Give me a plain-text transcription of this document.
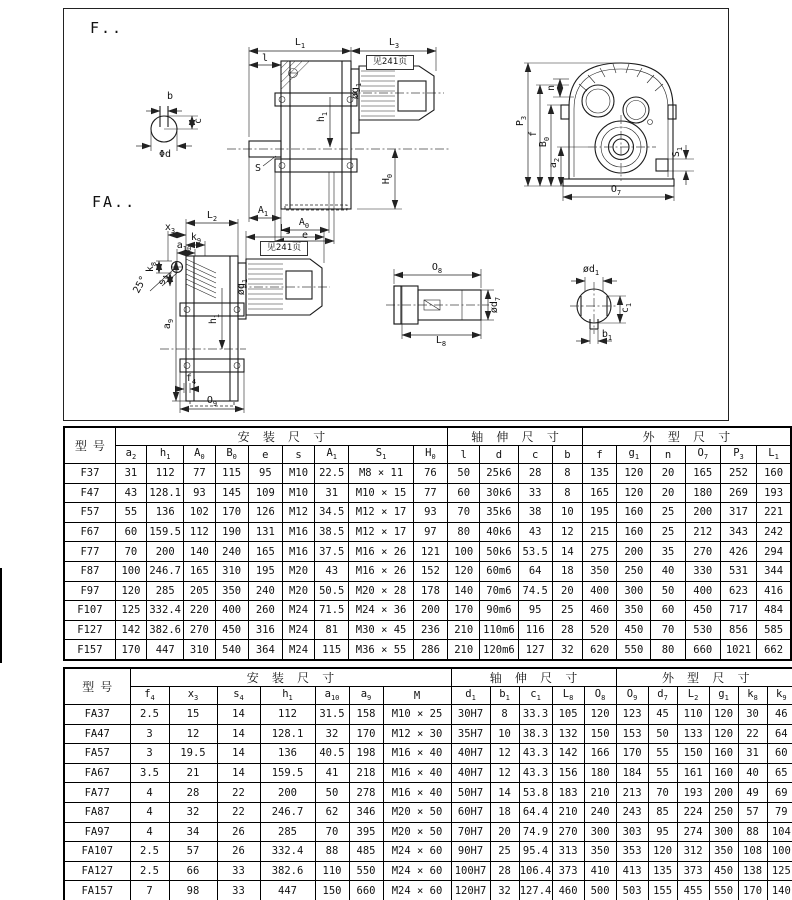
F..
FA..
b
c
Φd
$L_1$	$L_3$
见241页
l
$h_1$
$øg_1$
S
$H_0$
$A_1$
$A_0$
e
n
$P_3$
f
$B_0$
$a_2$
$S_1$
$O_7$
$L_2$
$x_3$
$k_9$
$a_{10}$
$k_8$
$s_4$
25°
$a_9$	$h_1$
$øg_1$
$L_3$
见241页
$f_4$
$O_9$
$O_8$
$ød_7$
$L_8$
$ød_1$
$c_1$
$b_1$
型号	安装尺寸									轴伸尺寸				外型尺寸					
	$a_2$	$h_1$	$A_0$	$B_0$	e	s	$A_1$	$S_1$	$H_0$	l	d	c	b	f	$g_1$	n	$O_7$	$P_3$	$L_1$
F37	31	112	77	115	95	M10	22.5	M8 × 11	76	50	25k6	28	8	135	120	20	165	252	160
F47	43	128.1	93	145	109	M10	31	M10 × 15	77	60	30k6	33	8	165	120	20	180	269	193
F57	55	136	102	170	126	M12	34.5	M12 × 17	93	70	35k6	38	10	195	160	25	200	317	221
F67	60	159.5	112	190	131	M16	38.5	M12 × 17	97	80	40k6	43	12	215	160	25	212	343	242
F77	70	200	140	240	165	M16	37.5	M16 × 26	121	100	50k6	53.5	14	275	200	35	270	426	294
F87	100	246.7	165	310	195	M20	43	M16 × 26	152	120	60m6	64	18	350	250	40	330	531	344
F97	120	285	205	350	240	M20	50.5	M20 × 28	178	140	70m6	74.5	20	400	300	50	400	623	416
F107	125	332.4	220	400	260	M24	71.5	M24 × 36	200	170	90m6	95	25	460	350	60	450	717	484
F127	142	382.6	270	450	316	M24	81	M30 × 45	236	210	110m6	116	28	520	450	70	530	856	585
F157	170	447	310	540	364	M24	115	M36 × 55	286	210	120m6	127	32	620	550	80	660	1021	662
型号	安装尺寸							轴伸尺寸					外型尺寸					
	$f_4$	$x_3$	$s_4$	$h_1$	$a_{10}$	$a_9$	M	$d_1$	$b_1$	$c_1$	$L_8$	$O_8$	$O_9$	$d_7$	$L_2$	$g_1$	$k_8$	$k_9$
FA37	2.5	15	14	112	31.5	158	M10 × 25	30H7	8	33.3	105	120	123	45	110	120	30	46
FA47	3	12	14	128.1	32	170	M12 × 30	35H7	10	38.3	132	150	153	50	133	120	22	64
FA57	3	19.5	14	136	40.5	198	M16 × 40	40H7	12	43.3	142	166	170	55	150	160	31	60
FA67	3.5	21	14	159.5	41	218	M16 × 40	40H7	12	43.3	156	180	184	55	161	160	40	65
FA77	4	28	22	200	50	278	M16 × 40	50H7	14	53.8	183	210	213	70	193	200	49	69
FA87	4	32	22	246.7	62	346	M20 × 50	60H7	18	64.4	210	240	243	85	224	250	57	79
FA97	4	34	26	285	70	395	M20 × 50	70H7	20	74.9	270	300	303	95	274	300	88	104
FA107	2.5	57	26	332.4	88	485	M24 × 60	90H7	25	95.4	313	350	353	120	312	350	108	100
FA127	2.5	66	33	382.6	110	550	M24 × 60	100H7	28	106.4	373	410	413	135	373	450	138	125
FA157	7	98	33	447	150	660	M24 × 60	120H7	32	127.4	460	500	503	155	455	550	170	140
